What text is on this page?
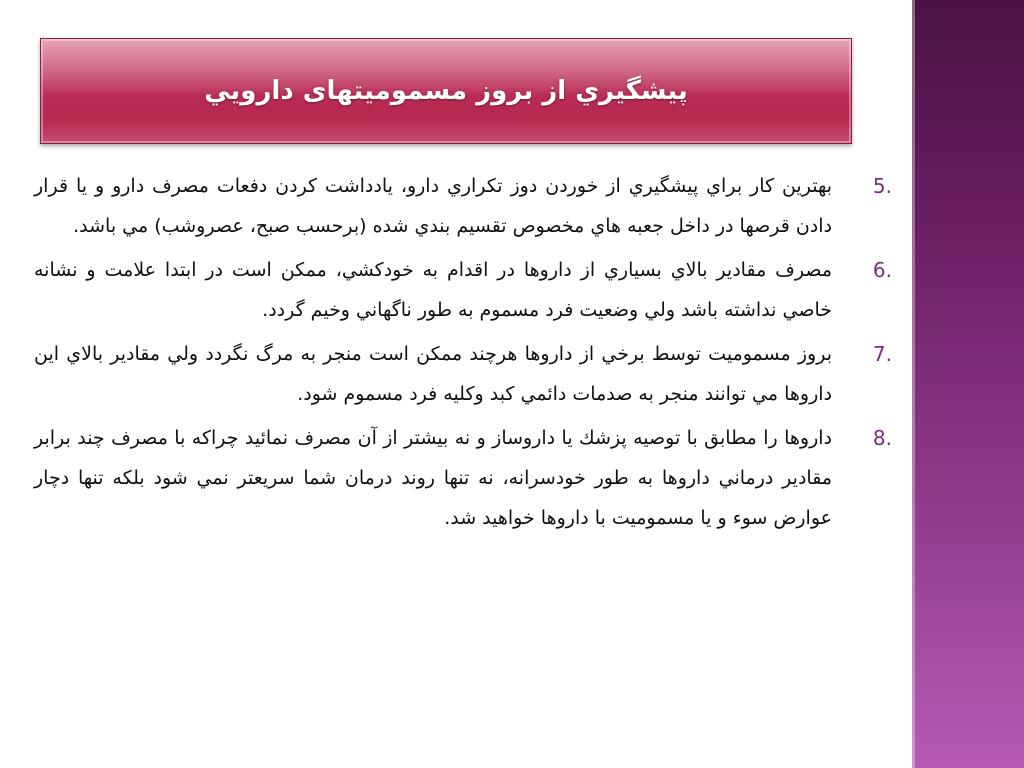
پيشگيري از بروز مسموميتهای دارويي
5.

بهترين كار براي پيشگيري از خوردن دوز تكراري دارو، يادداشت كردن دفعات مصرف دارو و يا قرار دادن قرصها در داخل جعبه هاي مخصوص تقسيم بندي شده (برحسب صبح، عصروشب) مي باشد.

6.

مصرف مقادير بالاي بسياري از داروها در اقدام به خودكشي، ممكن است در ابتدا علامت و نشانه خاصي نداشته باشد ولي وضعيت فرد مسموم به طور ناگهاني وخيم گردد.

7.

بروز مسموميت توسط برخي از داروها هرچند ممكن است منجر به مرگ نگردد ولي مقادير بالاي اين داروها مي توانند منجر به صدمات دائمي كبد وكليه فرد مسموم شود.

8.

داروها را مطابق با توصيه پزشك يا داروساز و نه بيشتر از آن مصرف نمائيد چراكه با مصرف چند برابر مقادير درماني داروها به طور خودسرانه، نه تنها روند درمان شما سريعتر نمي شود بلكه تنها دچار عوارض سوء و يا مسموميت با داروها خواهيد شد.
